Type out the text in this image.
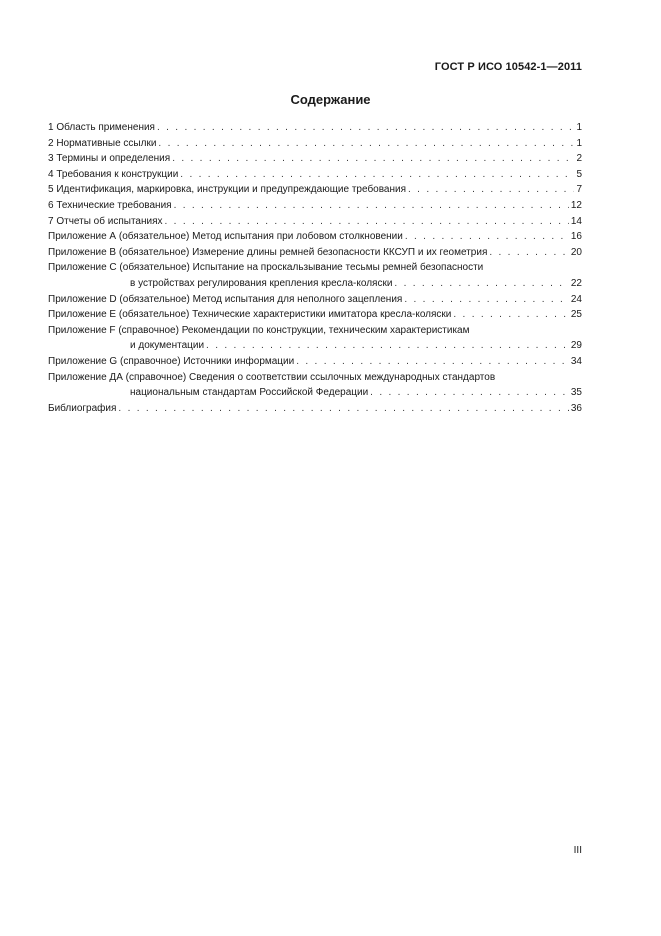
ГОСТ Р ИСО 10542-1—2011
Содержание
1 Область применения . . .	1
2 Нормативные ссылки . . .	1
3 Термины и определения . . .	2
4 Требования к конструкции . . .	5
5 Идентификация, маркировка, инструкции и предупреждающие требования . . .	7
6 Технические требования . . .	12
7 Отчеты об испытаниях . . .	14
Приложение А (обязательное) Метод испытания при лобовом столкновении . . .	16
Приложение В (обязательное) Измерение длины ремней безопасности ККСУП и их геометрия . . .	20
Приложение С (обязательное) Испытание на проскальзывание тесьмы ремней безопасности
в устройствах регулирования крепления кресла-коляски . . .	22
Приложение D (обязательное) Метод испытания для неполного зацепления . . .	24
Приложение E (обязательное) Технические характеристики имитатора кресла-коляски . . .	25
Приложение F (справочное) Рекомендации по конструкции, техническим характеристикам
и документации . . .	29
Приложение G (справочное) Источники информации . . .	34
Приложение ДА (справочное) Сведения о соответствии ссылочных международных стандартов
национальным стандартам Российской Федерации . . .	35
Библиография . . .	36
III
